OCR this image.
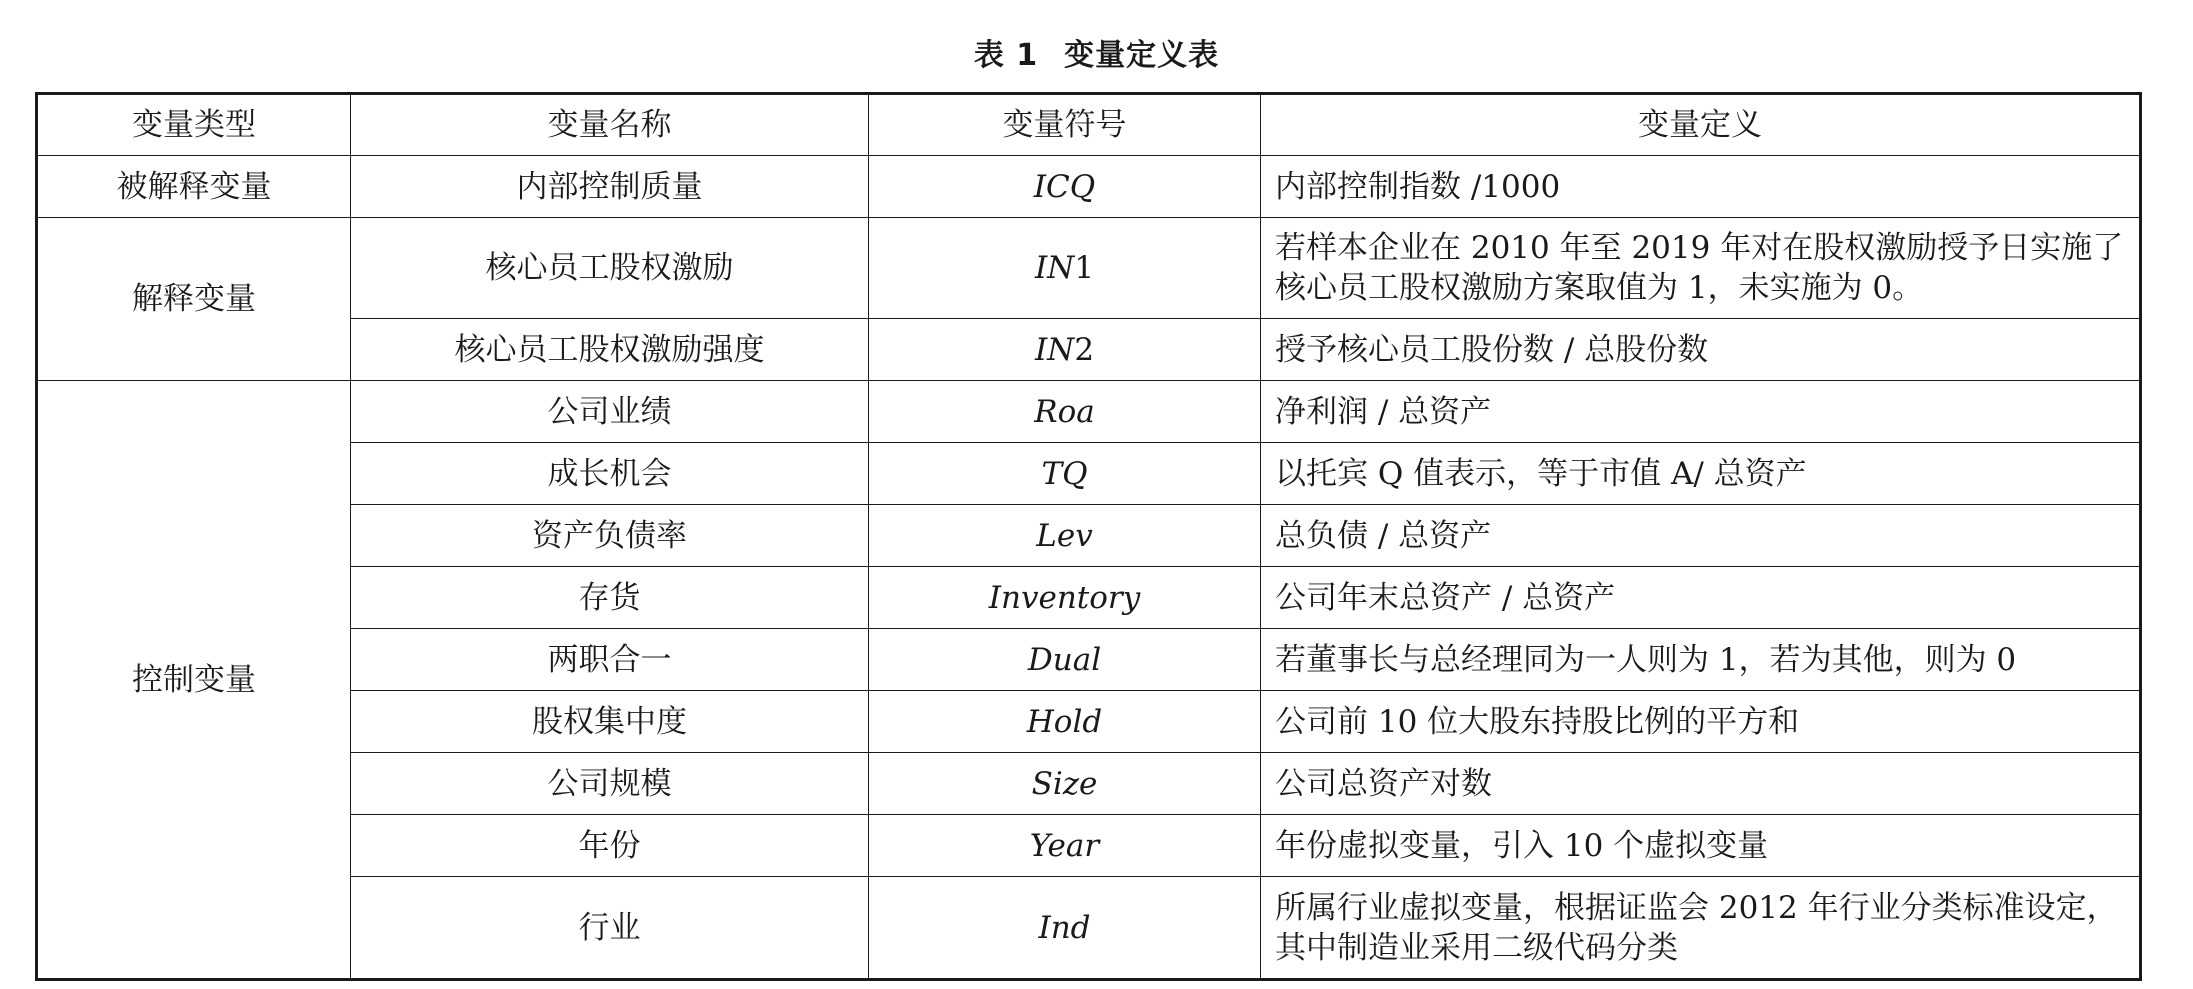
表 1 变量定义表
变量类型	变量名称	变量符号	变量定义
被解释变量	内部控制质量	ICQ	内部控制指数 /1000
解释变量	核心员工股权激励	IN1	若样本企业在 2010 年至 2019 年对在股权激励授予日实施了核心员工股权激励方案取值为 1，未实施为 0。
	核心员工股权激励强度	IN2	授予核心员工股份数 / 总股份数
控制变量	公司业绩	Roa	净利润 / 总资产
	成长机会	TQ	以托宾 Q 值表示，等于市值 A/ 总资产
	资产负债率	Lev	总负债 / 总资产
	存货	Inventory	公司年末总资产 / 总资产
	两职合一	Dual	若董事长与总经理同为一人则为 1，若为其他，则为 0
	股权集中度	Hold	公司前 10 位大股东持股比例的平方和
	公司规模	Size	公司总资产对数
	年份	Year	年份虚拟变量，引入 10 个虚拟变量
	行业	Ind	所属行业虚拟变量，根据证监会 2012 年行业分类标准设定，其中制造业采用二级代码分类
